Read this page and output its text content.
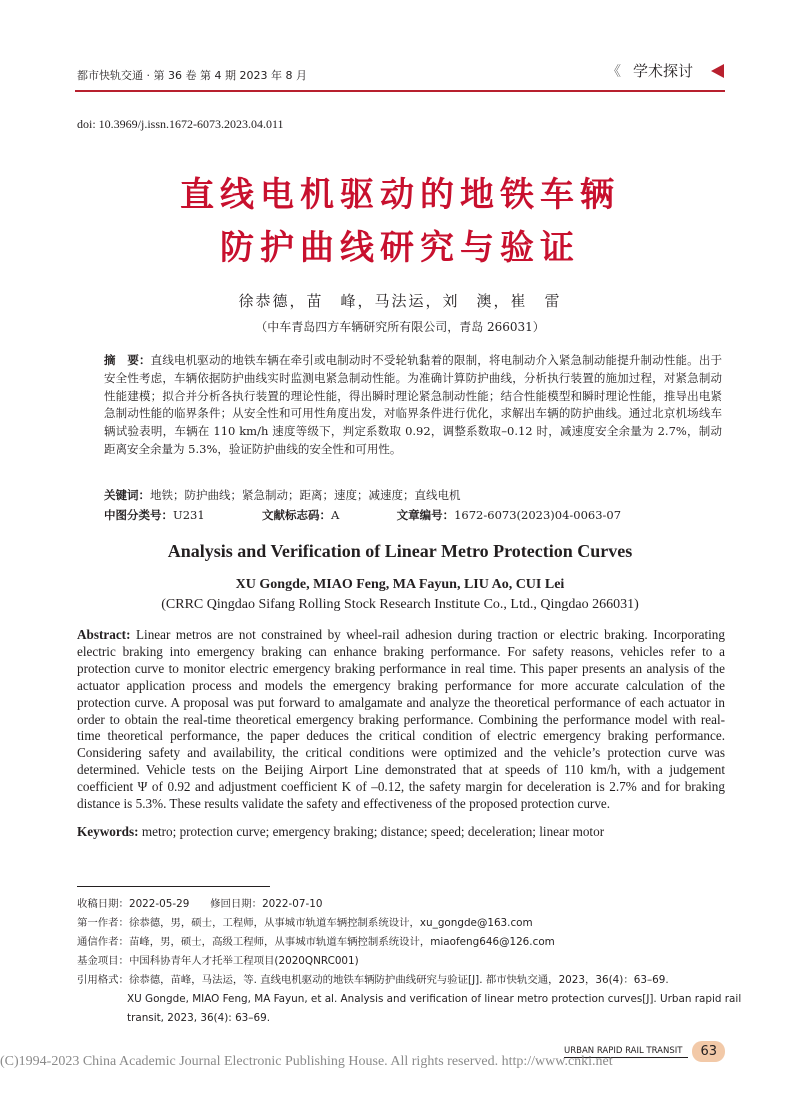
都市快轨交通 · 第 36 卷 第 4 期 2023 年 8 月	《 学术探讨
doi: 10.3969/j.issn.1672-6073.2023.04.011
直线电机驱动的地铁车辆
防护曲线研究与验证
徐恭德，苗　峰，马法运，刘　澳，崔　雷
（中车青岛四方车辆研究所有限公司，青岛 266031）
摘　要：直线电机驱动的地铁车辆在牵引或电制动时不受轮轨黏着的限制，将电制动介入紧急制动能提升制动性能。出于安全性考虑，车辆依据防护曲线实时监测电紧急制动性能。为准确计算防护曲线，分析执行装置的施加过程，对紧急制动性能建模；拟合并分析各执行装置的理论性能，得出瞬时理论紧急制动性能；结合性能模型和瞬时理论性能，推导出电紧急制动性能的临界条件；从安全性和可用性角度出发，对临界条件进行优化，求解出车辆的防护曲线。通过北京机场线车辆试验表明，车辆在 110 km/h 速度等级下，判定系数取 0.92，调整系数取–0.12 时，减速度安全余量为 2.7%，制动距离安全余量为 5.3%，验证防护曲线的安全性和可用性。
关键词：地铁；防护曲线；紧急制动；距离；速度；减速度；直线电机
中图分类号：U231	文献标志码：A	文章编号：1672-6073(2023)04-0063-07
Analysis and Verification of Linear Metro Protection Curves
XU Gongde, MIAO Feng, MA Fayun, LIU Ao, CUI Lei
(CRRC Qingdao Sifang Rolling Stock Research Institute Co., Ltd., Qingdao 266031)
Abstract: Linear metros are not constrained by wheel-rail adhesion during traction or electric braking. Incorporating electric braking into emergency braking can enhance braking performance. For safety reasons, vehicles refer to a protection curve to monitor electric emergency braking performance in real time. This paper presents an analysis of the actuator application process and models the emergency braking performance for more accurate calculation of the protection curve. A proposal was put forward to amalgamate and analyze the theoretical performance of each actuator in order to obtain the real-time theoretical emergency braking performance. Combining the performance model with real-time theoretical performance, the paper deduces the critical condition of electric emergency braking performance. Considering safety and availability, the critical conditions were optimized and the vehicle’s protection curve was determined. Vehicle tests on the Beijing Airport Line demonstrated that at speeds of 110 km/h, with a judgement coefficient Ψ of 0.92 and adjustment coefficient K of –0.12, the safety margin for deceleration is 2.7% and for braking distance is 5.3%. These results validate the safety and effectiveness of the proposed protection curve.
Keywords: metro; protection curve; emergency braking; distance; speed; deceleration; linear motor
收稿日期：2022-05-29　　修回日期：2022-07-10
第一作者：徐恭德，男，硕士，工程师，从事城市轨道车辆控制系统设计，xu_gongde@163.com
通信作者：苗峰，男，硕士，高级工程师，从事城市轨道车辆控制系统设计，miaofeng646@126.com
基金项目：中国科协青年人才托举工程项目(2020QNRC001)
引用格式：徐恭德，苗峰，马法运，等. 直线电机驱动的地铁车辆防护曲线研究与验证[J]. 都市快轨交通，2023，36(4)：63–69.
XU Gongde, MIAO Feng, MA Fayun, et al. Analysis and verification of linear metro protection curves[J]. Urban rapid rail
transit, 2023, 36(4): 63–69.
URBAN RAPID RAIL TRANSIT	63
(C)1994-2023 China Academic Journal Electronic Publishing House. All rights reserved. http://www.cnki.net
